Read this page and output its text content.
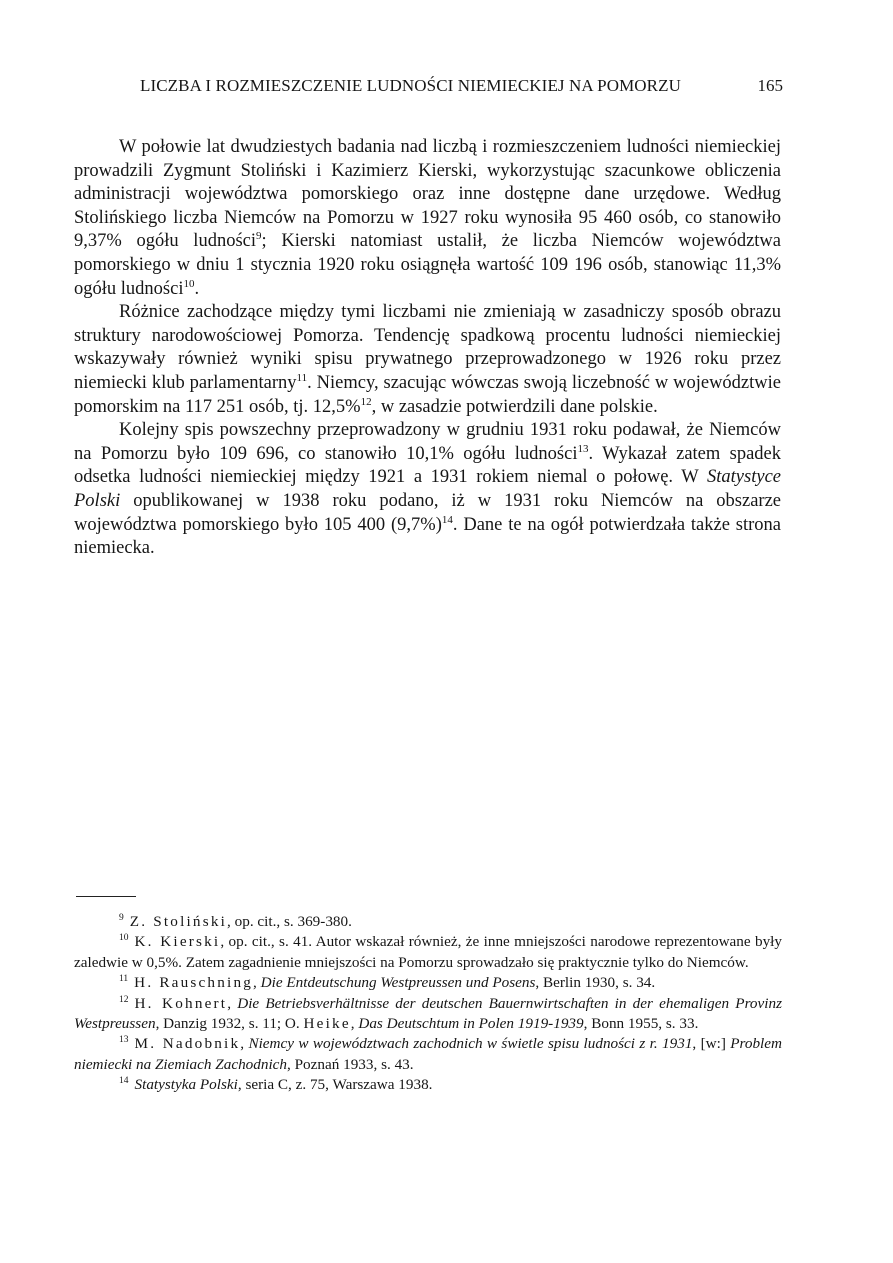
LICZBA I ROZMIESZCZENIE LUDNOŚCI NIEMIECKIEJ NA POMORZU	165

W połowie lat dwudziestych badania nad liczbą i rozmieszczeniem ludności niemieckiej prowadzili Zygmunt Stoliński i Kazimierz Kierski, wykorzystując szacunkowe obliczenia administracji województwa pomorskiego oraz inne dostępne dane urzędowe. Według Stolińskiego liczba Niemców na Pomorzu w 1927 roku wynosiła 95 460 osób, co stanowiło 9,37% ogółu ludności$^9$; Kierski natomiast ustalił, że liczba Niemców województwa pomorskiego w dniu 1 stycznia 1920 roku osiągnęła wartość 109 196 osób, stanowiąc 11,3% ogółu ludności$^{10}$.

Różnice zachodzące między tymi liczbami nie zmieniają w zasadniczy sposób obrazu struktury narodowościowej Pomorza. Tendencję spadkową procentu ludności niemieckiej wskazywały również wyniki spisu prywatnego przeprowadzonego w 1926 roku przez niemiecki klub parlamentarny$^{11}$. Niemcy, szacując wówczas swoją liczebność w województwie pomorskim na 117 251 osób, tj. 12,5%$^{12}$, w zasadzie potwierdzili dane polskie.

Kolejny spis powszechny przeprowadzony w grudniu 1931 roku podawał, że Niemców na Pomorzu było 109 696, co stanowiło 10,1% ogółu ludności$^{13}$. Wykazał zatem spadek odsetka ludności niemieckiej między 1921 a 1931 rokiem niemal o połowę. W Statystyce Polski opublikowanej w 1938 roku podano, iż w 1931 roku Niemców na obszarze województwa pomorskiego było 105 400 $(9,7\%)^{14}$. Dane te na ogół potwierdzała także strona niemiecka.

$^9$ Z. Stoliński, op. cit., s. 369-380.
$^{10}$ K. Kierski, op. cit., s. 41. Autor wskazał również, że inne mniejszości narodowe reprezentowane były zaledwie w 0,5%. Zatem zagadnienie mniejszości na Pomorzu sprowadzało się praktycznie tylko do Niemców.
$^{11}$ H. Rauschning, Die Entdeutschung Westpreussen und Posens, Berlin 1930, s. 34.
$^{12}$ H. Kohnert, Die Betriebsverhältnisse der deutschen Bauernwirtschaften in der ehemaligen Provinz Westpreussen, Danzig 1932, s. 11; O. Heike, Das Deutschtum in Polen 1919-1939, Bonn 1955, s. 33.
$^{13}$ M. Nadobnik, Niemcy w województwach zachodnich w świetle spisu ludności z r. 1931, [w:] Problem niemiecki na Ziemiach Zachodnich, Poznań 1933, s. 43.
$^{14}$ Statystyka Polski, seria C, z. 75, Warszawa 1938.
